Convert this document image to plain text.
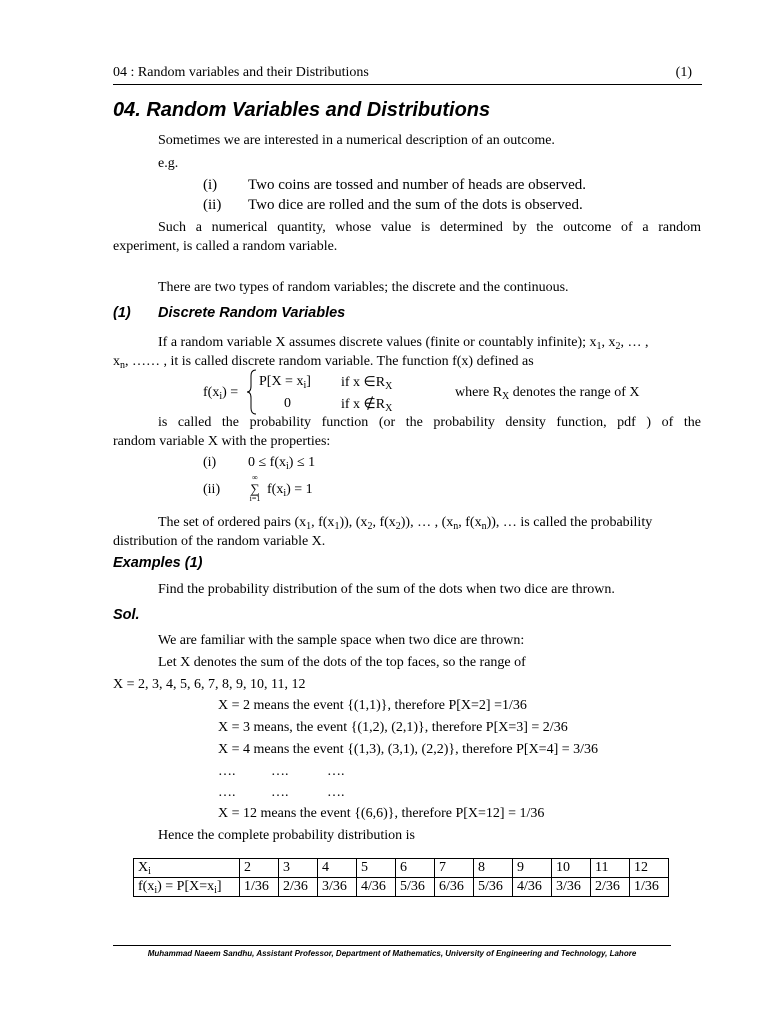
04 : Random variables and their Distributions	(1)
04. Random Variables and Distributions
Sometimes we are interested in a numerical description of an outcome.
e.g.
(i) Two coins are tossed and number of heads are observed.
(ii) Two dice are rolled and the sum of the dots is observed.
Such a numerical quantity, whose value is determined by the outcome of a random
experiment, is called a random variable.
There are two types of random variables; the discrete and the continuous.
(1) Discrete Random Variables
If a random variable X assumes discrete values (finite or countably infinite); $x_1$, $x_2$, … ,
$x_n$, …… , it is called discrete random variable. The function f(x) defined as
$f(x_i)$ =
$P[X = x_i]$ if x $\in R_X$
0	if x $\notin R_X$
where $R_X$ denotes the range of X
is called the probability function (or the probability density function, pdf ) of the
random variable X with the properties:
(i) $0 \le f(x_i) \le 1$
(ii)
∞
∑
i=1
$f(x_i) = 1$
The set of ordered pairs ($x_1$, $f(x_1)$), ($x_2$, $f(x_2)$), … , ($x_n$, $f(x_n)$), … is called the probability
distribution of the random variable X.
Examples (1)
Find the probability distribution of the sum of the dots when two dice are thrown.
Sol.
We are familiar with the sample space when two dice are thrown:
Let X denotes the sum of the dots of the top faces, so the range of
X = 2, 3, 4, 5, 6, 7, 8, 9, 10, 11, 12
X = 2 means the event {(1,1)}, therefore P[X=2] =1/36
X = 3 means, the event {(1,2), (2,1)}, therefore P[X=3] = 2/36
X = 4 means the event {(1,3), (3,1), (2,2)}, therefore P[X=4] = 3/36
….	….	….
….	….	….
X = 12 means the event {(6,6)}, therefore P[X=12] = 1/36
Hence the complete probability distribution is
$X_i$	2	3	4	5	6	7	8	9	10	11	12
$f(x_i) = P[X=x_i]$	1/36	2/36	3/36	4/36	5/36	6/36	5/36	4/36	3/36	2/36	1/36
Muhammad Naeem Sandhu, Assistant Professor, Department of Mathematics, University of Engineering and Technology, Lahore
